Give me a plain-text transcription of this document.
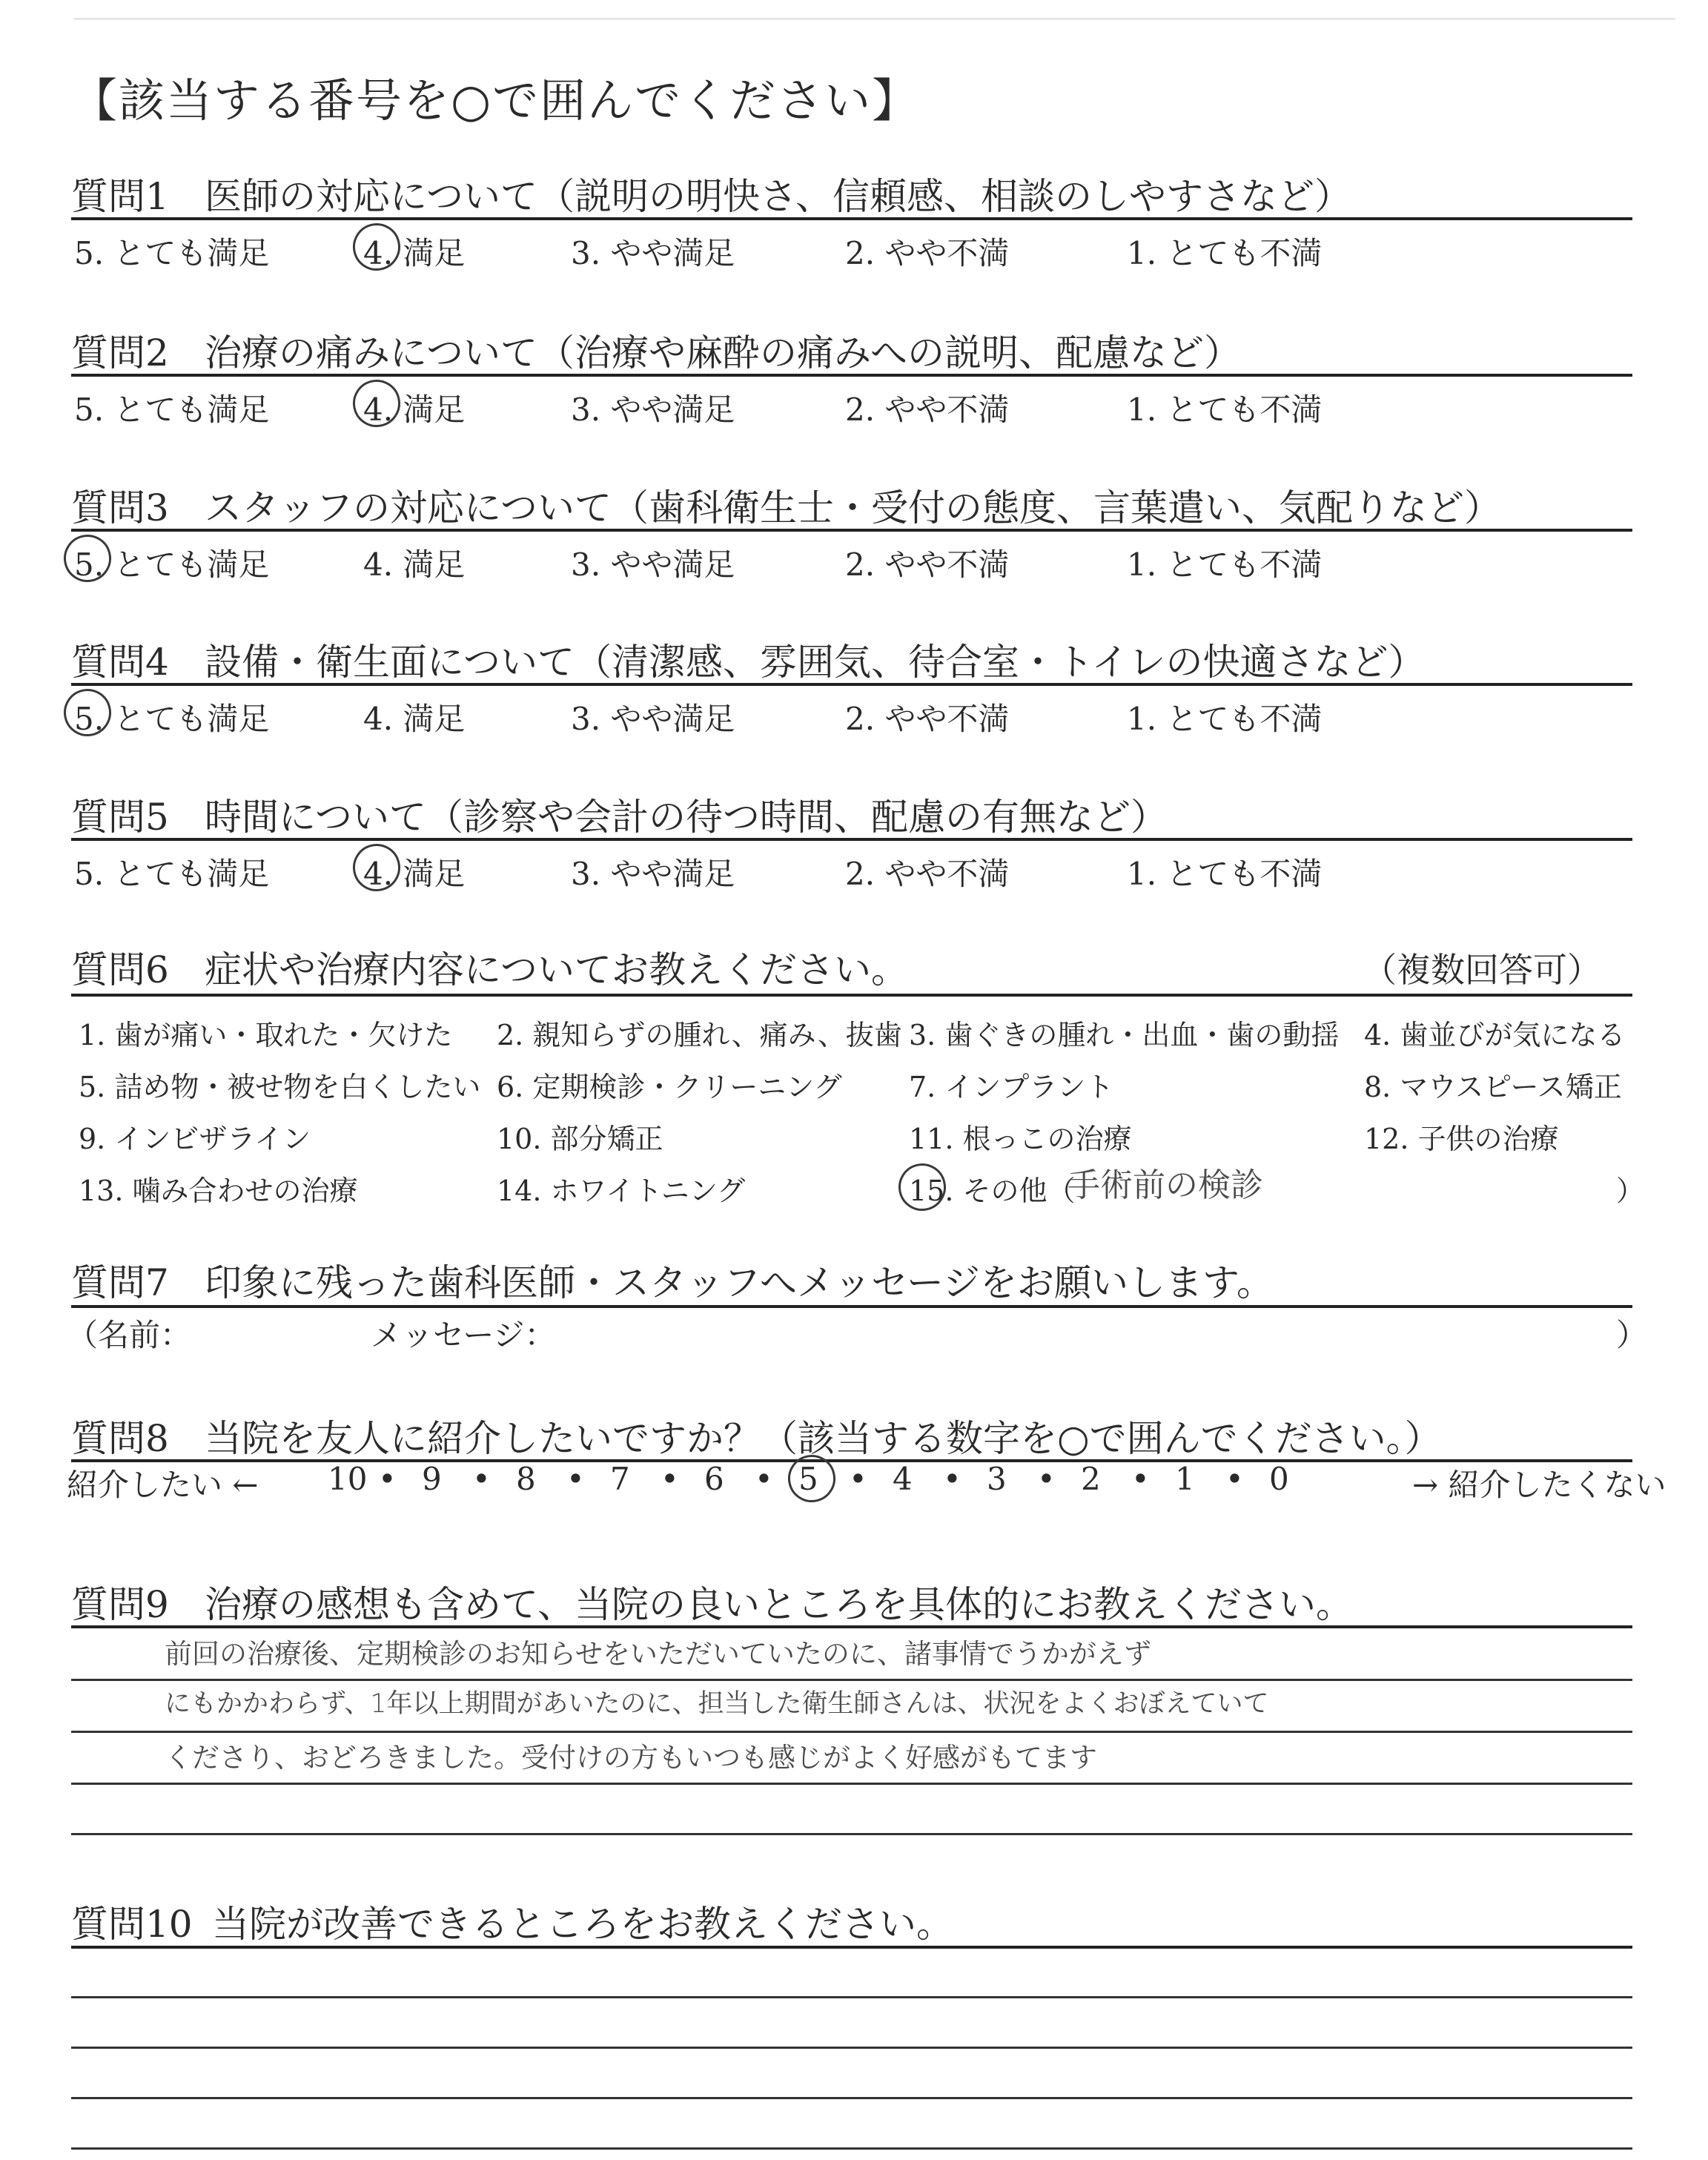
【該当する番号を○で囲んでください】
質問1 医師の対応について（説明の明快さ、信頼感、相談のしやすさなど）
5. とても満足	4. 満足	3. やや満足	2. やや不満	1. とても不満
質問2 治療の痛みについて（治療や麻酔の痛みへの説明、配慮など）
5. とても満足	4. 満足	3. やや満足	2. やや不満	1. とても不満
質問3 スタッフの対応について（歯科衛生士・受付の態度、言葉遣い、気配りなど）
5. とても満足	4. 満足	3. やや満足	2. やや不満	1. とても不満
質問4 設備・衛生面について（清潔感、雰囲気、待合室・トイレの快適さなど）
5. とても満足	4. 満足	3. やや満足	2. やや不満	1. とても不満
質問5 時間について（診察や会計の待つ時間、配慮の有無など）
5. とても満足	4. 満足	3. やや満足	2. やや不満	1. とても不満
質問6 症状や治療内容についてお教えください。	（複数回答可）
1. 歯が痛い・取れた・欠けた 2. 親知らずの腫れ、痛み、抜歯 3. 歯ぐきの腫れ・出血・歯の動揺 4. 歯並びが気になる
5. 詰め物・被せ物を白くしたい 6. 定期検診・クリーニング 7. インプラント	8. マウスピース矯正
9. インビザライン	10. 部分矯正	11. 根っこの治療	12. 子供の治療
13. 噛み合わせの治療	14. ホワイトニング	15. その他（
手術前の検診	）
質問7 印象に残った歯科医師・スタッフへメッセージをお願いします。
（名前：	メッセージ：	）
質問8 当院を友人に紹介したいですか？（該当する数字を○で囲んでください。）
紹介したい ←	→ 紹介したくない
10 • 9 • 8 • 7 • 6 • 5 • 4 • 3 • 2 • 1 • 0
質問9 治療の感想も含めて、当院の良いところを具体的にお教えください。
前回の治療後、定期検診のお知らせをいただいていたのに、諸事情でうかがえず
にもかかわらず、1年以上期間があいたのに、担当した衛生師さんは、状況をよくおぼえていて
くださり、おどろきました。受付けの方もいつも感じがよく好感がもてます
質問10 当院が改善できるところをお教えください。
